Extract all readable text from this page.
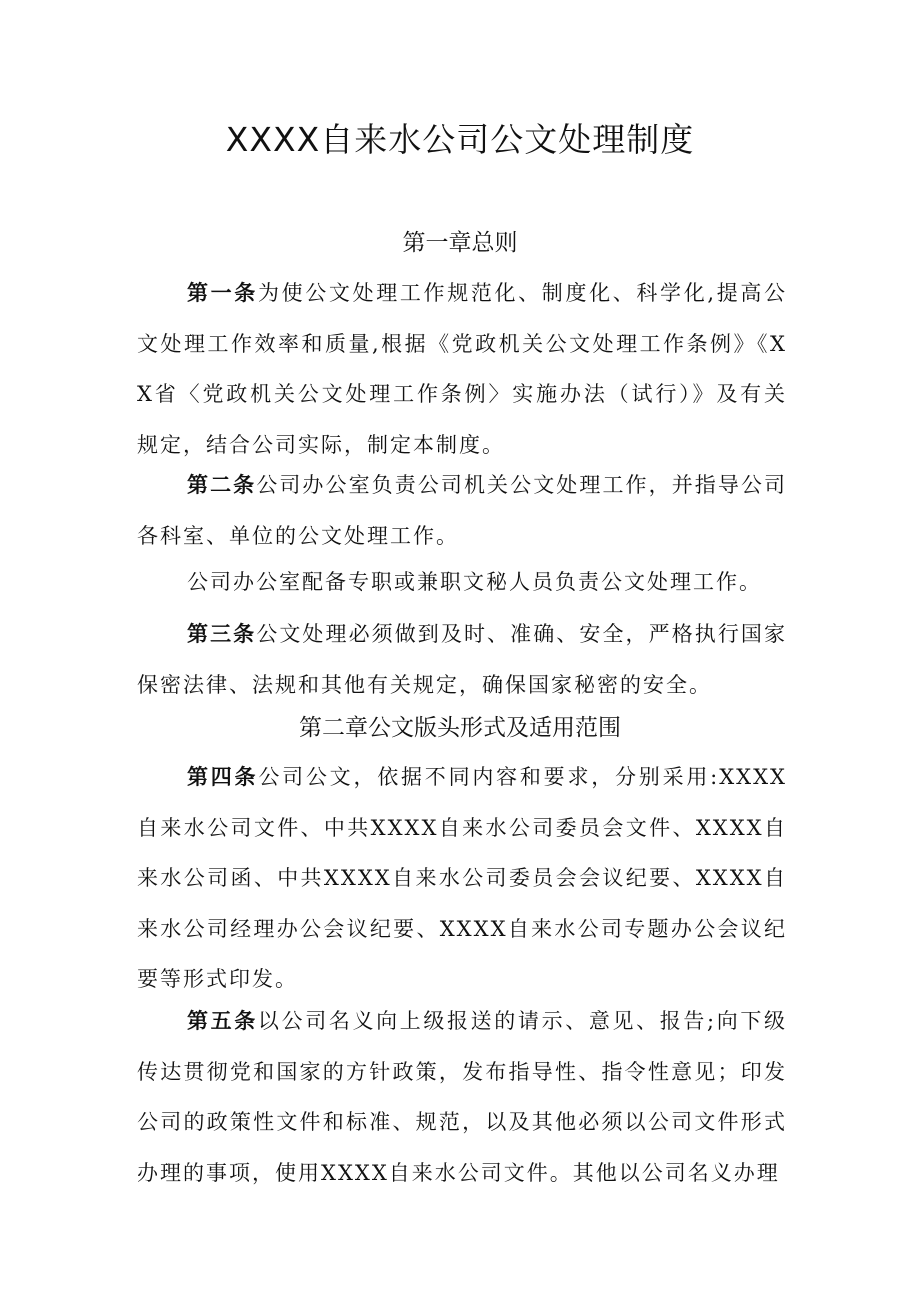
XXXX自来水公司公文处理制度
第一章总则

第一条为使公文处理工作规范化、制度化、科学化,提高公文处理工作效率和质量,根据《党政机关公文处理工作条例》《XX省〈党政机关公文处理工作条例〉实施办法（试行）》及有关规定，结合公司实际，制定本制度。

第二条公司办公室负责公司机关公文处理工作，并指导公司各科室、单位的公文处理工作。

公司办公室配备专职或兼职文秘人员负责公文处理工作。

第三条公文处理必须做到及时、准确、安全，严格执行国家保密法律、法规和其他有关规定，确保国家秘密的安全。

第二章公文版头形式及适用范围

第四条公司公文，依据不同内容和要求，分别采用:XXXX自来水公司文件、中共XXXX自来水公司委员会文件、XXXX自来水公司函、中共XXXX自来水公司委员会会议纪要、XXXX自来水公司经理办公会议纪要、XXXX自来水公司专题办公会议纪要等形式印发。

第五条以公司名义向上级报送的请示、意见、报告;向下级传达贯彻党和国家的方针政策，发布指导性、指令性意见；印发公司的政策性文件和标准、规范，以及其他必须以公司文件形式办理的事项，使用XXXX自来水公司文件。其他以公司名义办理
